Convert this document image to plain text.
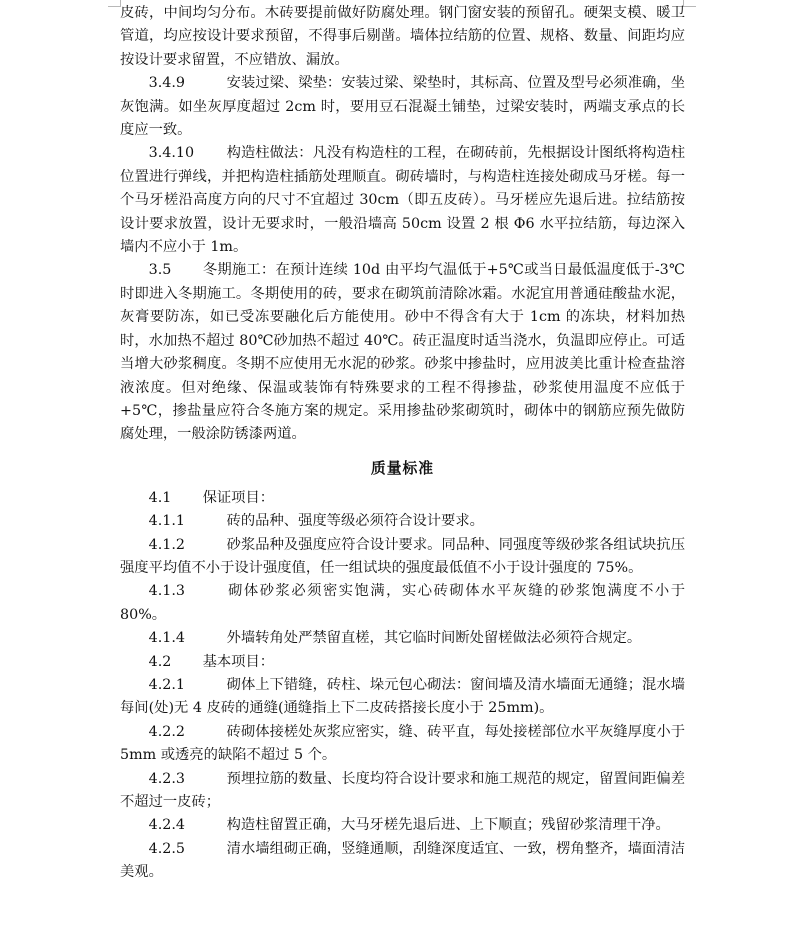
皮砖，中间均匀分布。木砖要提前做好防腐处理。钢门窗安装的预留孔。硬架支模、暖卫管道，均应按设计要求预留，不得事后剔凿。墙体拉结筋的位置、规格、数量、间距均应按设计要求留置，不应错放、漏放。

3.4.9	安装过梁、梁垫：安装过梁、梁垫时，其标高、位置及型号必须准确，坐灰饱满。如坐灰厚度超过 2cm 时，要用豆石混凝土铺垫，过梁安装时，两端支承点的长度应一致。

3.4.10 构造柱做法：凡没有构造柱的工程，在砌砖前，先根据设计图纸将构造柱位置进行弹线，并把构造柱插筋处理顺直。砌砖墙时，与构造柱连接处砌成马牙槎。每一个马牙槎沿高度方向的尺寸不宜超过 30cm（即五皮砖）。马牙槎应先退后进。拉结筋按设计要求放置，设计无要求时，一般沿墙高 50cm 设置 2 根 Φ6 水平拉结筋，每边深入墙内不应小于 1m。

3.5 冬期施工：在预计连续 10d 由平均气温低于+5℃或当日最低温度低于-3℃时即进入冬期施工。冬期使用的砖，要求在砌筑前清除冰霜。水泥宜用普通硅酸盐水泥，灰膏要防冻，如已受冻要融化后方能使用。砂中不得含有大于 1cm 的冻块，材料加热时，水加热不超过 80℃砂加热不超过 40℃。砖正温度时适当浇水，负温即应停止。可适当增大砂浆稠度。冬期不应使用无水泥的砂浆。砂浆中掺盐时，应用波美比重计检查盐溶液浓度。但对绝缘、保温或装饰有特殊要求的工程不得掺盐，砂浆使用温度不应低于+5℃，掺盐量应符合冬施方案的规定。采用掺盐砂浆砌筑时，砌体中的钢筋应预先做防腐处理，一般涂防锈漆两道。

质量标准

4.1 保证项目：

4.1.1	砖的品种、强度等级必须符合设计要求。

4.1.2	砂浆品种及强度应符合设计要求。同品种、同强度等级砂浆各组试块抗压强度平均值不小于设计强度值，任一组试块的强度最低值不小于设计强度的 75%。

4.1.3	砌体砂浆必须密实饱满，实心砖砌体水平灰缝的砂浆饱满度不小于 80%。

4.1.4	外墙转角处严禁留直槎，其它临时间断处留槎做法必须符合规定。

4.2 基本项目：

4.2.1	砌体上下错缝，砖柱、垛元包心砌法：窗间墙及清水墙面无通缝；混水墙每间(处)无 4 皮砖的通缝(通缝指上下二皮砖搭接长度小于 25mm)。

4.2.2	砖砌体接槎处灰浆应密实，缝、砖平直，每处接槎部位水平灰缝厚度小于 5mm 或透亮的缺陷不超过 5 个。

4.2.3	预埋拉筋的数量、长度均符合设计要求和施工规范的规定，留置间距偏差不超过一皮砖；

4.2.4	构造柱留置正确，大马牙槎先退后进、上下顺直；残留砂浆清理干净。

4.2.5	清水墙组砌正确，竖缝通顺，刮缝深度适宜、一致，楞角整齐，墙面清洁美观。
